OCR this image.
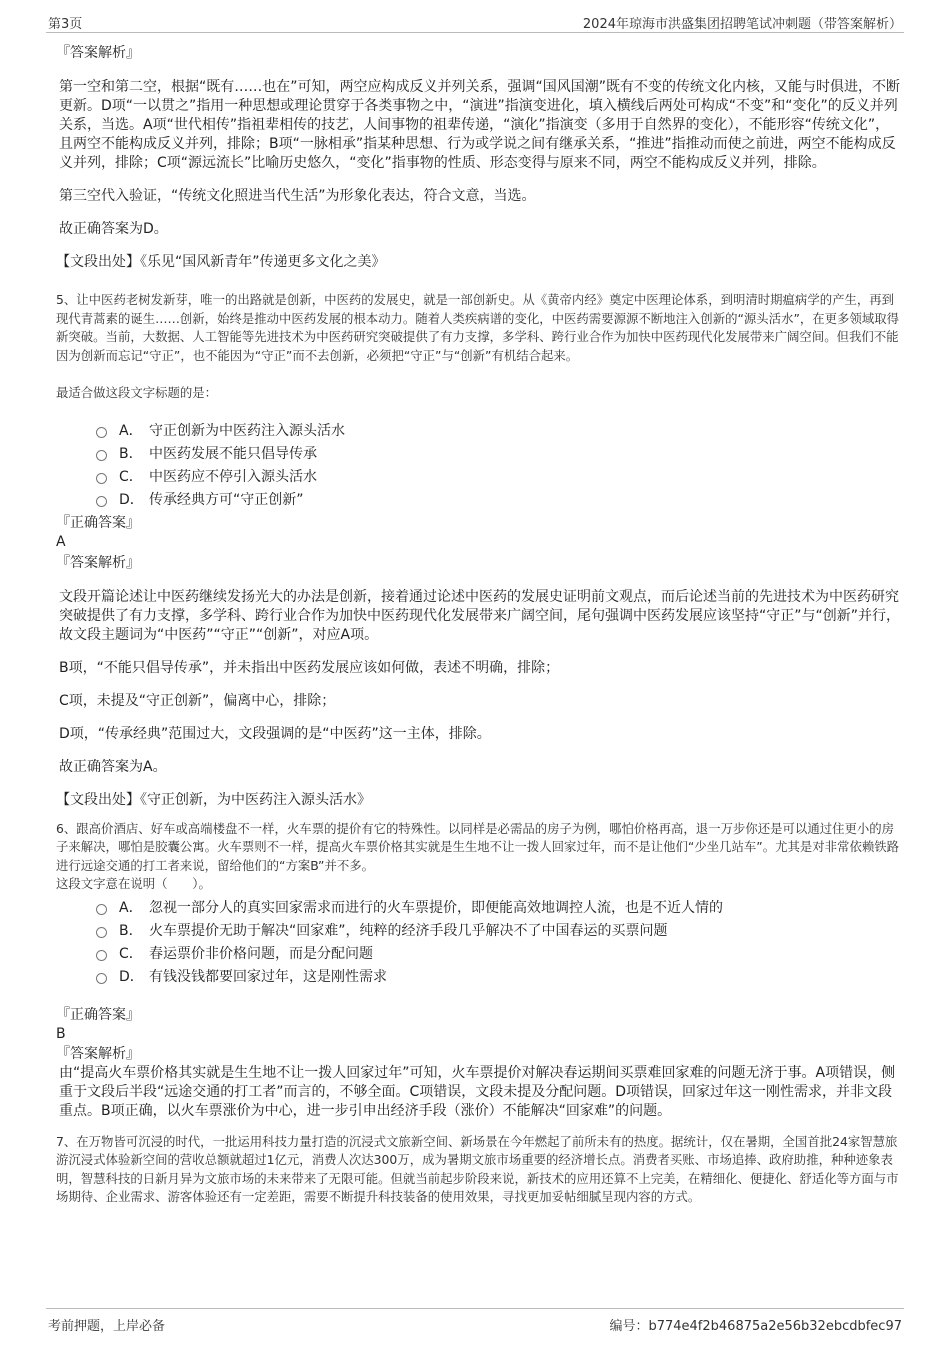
第3页	2024年琼海市洪盛集团招聘笔试冲刺题（带答案解析）
『答案解析』

第一空和第二空，根据“既有……也在”可知，两空应构成反义并列关系，强调“国风国潮”既有不变的传统文化内核，又能与时俱进，不断更新。D项“一以贯之”指用一种思想或理论贯穿于各类事物之中，“演进”指演变进化，填入横线后两处可构成“不变”和“变化”的反义并列关系，当选。A项“世代相传”指祖辈相传的技艺，人间事物的祖辈传递，“演化”指演变（多用于自然界的变化），不能形容“传统文化”，且两空不能构成反义并列，排除；B项“一脉相承”指某种思想、行为或学说之间有继承关系，“推进”指推动而使之前进，两空不能构成反义并列，排除；C项“源远流长”比喻历史悠久，“变化”指事物的性质、形态变得与原来不同，两空不能构成反义并列，排除。

第三空代入验证，“传统文化照进当代生活”为形象化表达，符合文意，当选。

故正确答案为D。

【文段出处】《乐见“国风新青年”传递更多文化之美》

5、让中医药老树发新芽，唯一的出路就是创新，中医药的发展史，就是一部创新史。从《黄帝内经》奠定中医理论体系，到明清时期瘟病学的产生，再到现代青蒿素的诞生……创新，始终是推动中医药发展的根本动力。随着人类疾病谱的变化，中医药需要源源不断地注入创新的“源头活水”，在更多领域取得新突破。当前，大数据、人工智能等先进技术为中医药研究突破提供了有力支撑，多学科、跨行业合作为加快中医药现代化发展带来广阔空间。但我们不能因为创新而忘记“守正”，也不能因为“守正”而不去创新，必须把“守正”与“创新”有机结合起来。

最适合做这段文字标题的是：

A． 守正创新为中医药注入源头活水
B． 中医药发展不能只倡导传承
C． 中医药应不停引入源头活水
D． 传承经典方可“守正创新”
『正确答案』
A
『答案解析』

文段开篇论述让中医药继续发扬光大的办法是创新，接着通过论述中医药的发展史证明前文观点，而后论述当前的先进技术为中医药研究突破提供了有力支撑，多学科、跨行业合作为加快中医药现代化发展带来广阔空间，尾句强调中医药发展应该坚持“守正”与“创新”并行，故文段主题词为“中医药”“守正”“创新”，对应A项。

B项，“不能只倡导传承”，并未指出中医药发展应该如何做，表述不明确，排除；

C项，未提及“守正创新”，偏离中心，排除；

D项，“传承经典”范围过大，文段强调的是“中医药”这一主体，排除。

故正确答案为A。

【文段出处】《守正创新，为中医药注入源头活水》

6、跟高价酒店、好车或高端楼盘不一样，火车票的提价有它的特殊性。以同样是必需品的房子为例，哪怕价格再高，退一万步你还是可以通过住更小的房子来解决，哪怕是胶囊公寓。火车票则不一样，提高火车票价格其实就是生生地不让一拨人回家过年，而不是让他们“少坐几站车”。尤其是对非常依赖铁路进行远途交通的打工者来说，留给他们的“方案B”并不多。

这段文字意在说明（　　）。

A． 忽视一部分人的真实回家需求而进行的火车票提价，即便能高效地调控人流，也是不近人情的
B． 火车票提价无助于解决“回家难”，纯粹的经济手段几乎解决不了中国春运的买票问题
C． 春运票价非价格问题，而是分配问题
D． 有钱没钱都要回家过年，这是刚性需求
『正确答案』
B
『答案解析』

由“提高火车票价格其实就是生生地不让一拨人回家过年”可知，火车票提价对解决春运期间买票难回家难的问题无济于事。A项错误，侧重于文段后半段“远途交通的打工者”而言的，不够全面。C项错误，文段未提及分配问题。D项错误，回家过年这一刚性需求，并非文段重点。B项正确，以火车票涨价为中心，进一步引申出经济手段（涨价）不能解决“回家难”的问题。

7、在万物皆可沉浸的时代，一批运用科技力量打造的沉浸式文旅新空间、新场景在今年燃起了前所未有的热度。据统计，仅在暑期，全国首批24家智慧旅游沉浸式体验新空间的营收总额就超过1亿元，消费人次达300万，成为暑期文旅市场重要的经济增长点。消费者买账、市场追捧、政府助推，种种迹象表明，智慧科技的日新月异为文旅市场的未来带来了无限可能。但就当前起步阶段来说，新技术的应用还算不上完美，在精细化、便捷化、舒适化等方面与市场期待、企业需求、游客体验还有一定差距，需要不断提升科技装备的使用效果，寻找更加妥帖细腻呈现内容的方式。

考前押题，上岸必备	编号：b774e4f2b46875a2e56b32ebcdbfec97
